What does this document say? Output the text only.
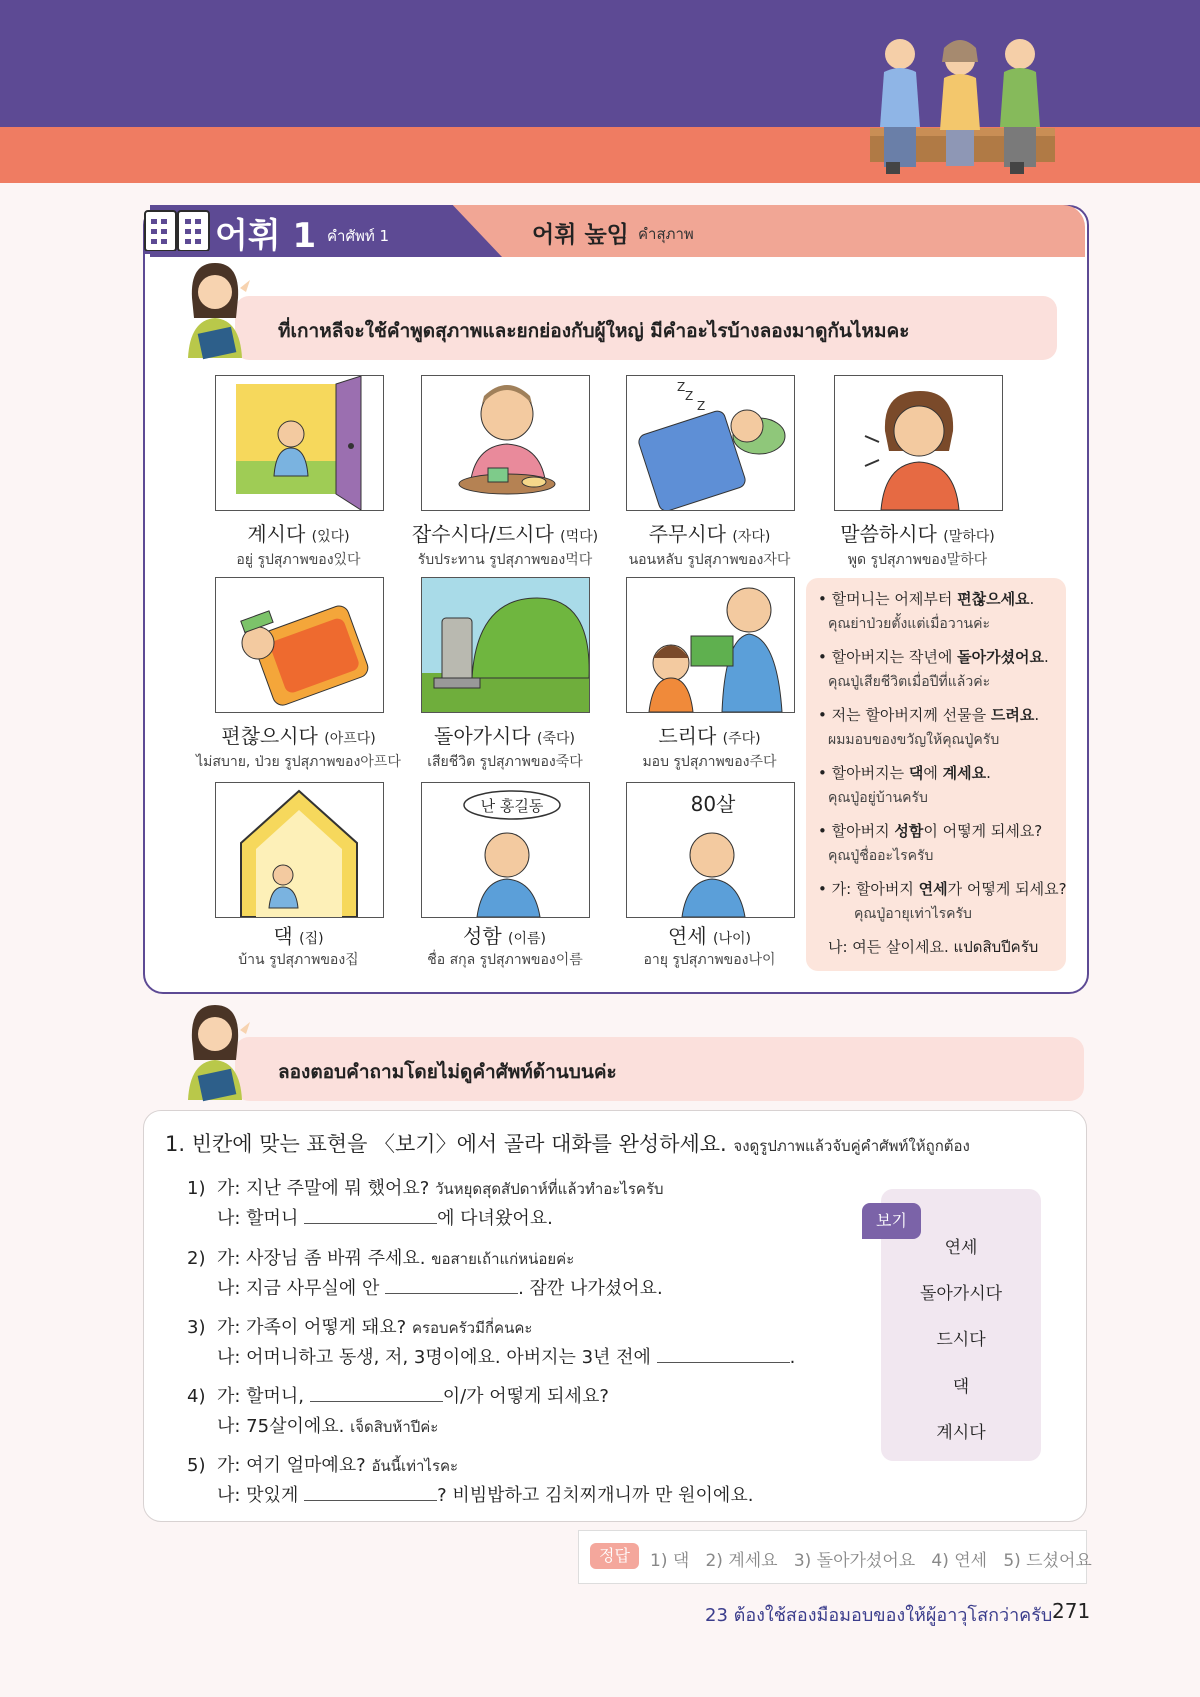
어휘 1 คำศัพท์ 1	어휘 높임 คำสุภาพ
ที่เกาหลีจะใช้คำพูดสุภาพและยกย่องกับผู้ใหญ่ มีคำอะไรบ้างลองมาดูกันไหมคะ
Z
Z
Z
계시다 (있다)
อยู่ รูปสุภาพของ있다
잡수시다/드시다 (먹다)
รับประทาน รูปสุภาพของ먹다
주무시다 (자다)
นอนหลับ รูปสุภาพของ자다
말씀하시다 (말하다)
พูด รูปสุภาพของ말하다
편찮으시다 (아프다)
ไม่สบาย, ป่วย รูปสุภาพของ아프다
돌아가시다 (죽다)
เสียชีวิต รูปสุภาพของ죽다
드리다 (주다)
มอบ รูปสุภาพของ주다
난 홍길동	80살
댁 (집)
บ้าน รูปสุภาพของ집
성함 (이름)
ชื่อ สกุล รูปสุภาพของ이름
연세 (나이)
อายุ รูปสุภาพของ나이
• 할머니는 어제부터 편찮으세요.
คุณย่าป่วยตั้งแต่เมื่อวานค่ะ
• 할아버지는 작년에 돌아가셨어요.
คุณปู่เสียชีวิตเมื่อปีที่แล้วค่ะ
• 저는 할아버지께 선물을 드려요.
ผมมอบของขวัญให้คุณปู่ครับ
• 할아버지는 댁에 계세요.
คุณปู่อยู่บ้านครับ
• 할아버지 성함이 어떻게 되세요?
คุณปู่ชื่ออะไรครับ
• 가: 할아버지 연세가 어떻게 되세요?
คุณปู่อายุเท่าไรครับ
나: 여든 살이세요. แปดสิบปีครับ
ลองตอบคำถามโดยไม่ดูคำศัพท์ด้านบนค่ะ
1. 빈칸에 맞는 표현을 〈보기〉에서 골라 대화를 완성하세요. จงดูรูปภาพแล้วจับคู่คำศัพท์ให้ถูกต้อง
1) 가: 지난 주말에 뭐 했어요? วันหยุดสุดสัปดาห์ที่แล้วทำอะไรครับ
나: 할머니	에 다녀왔어요.
2) 가: 사장님 좀 바꿔 주세요. ขอสายเถ้าแก่หน่อยค่ะ
나: 지금 사무실에 안	. 잠깐 나가셨어요.
3) 가: 가족이 어떻게 돼요? ครอบครัวมีกี่คนคะ
나: 어머니하고 동생, 저, 3명이에요. 아버지는 3년 전에	.
4) 가: 할머니,	이/가 어떻게 되세요?
나: 75살이에요. เจ็ดสิบห้าปีค่ะ
5) 가: 여기 얼마예요? อันนี้เท่าไรคะ
나: 맛있게	? 비빔밥하고 김치찌개니까 만 원이에요.
보기
연세
돌아가시다
드시다
댁
계시다
정답	1) 댁   2) 계세요   3) 돌아가셨어요   4) 연세   5) 드셨어요
23 ต้องใช้สองมือมอบของให้ผู้อาวุโสกว่าครับ 271
